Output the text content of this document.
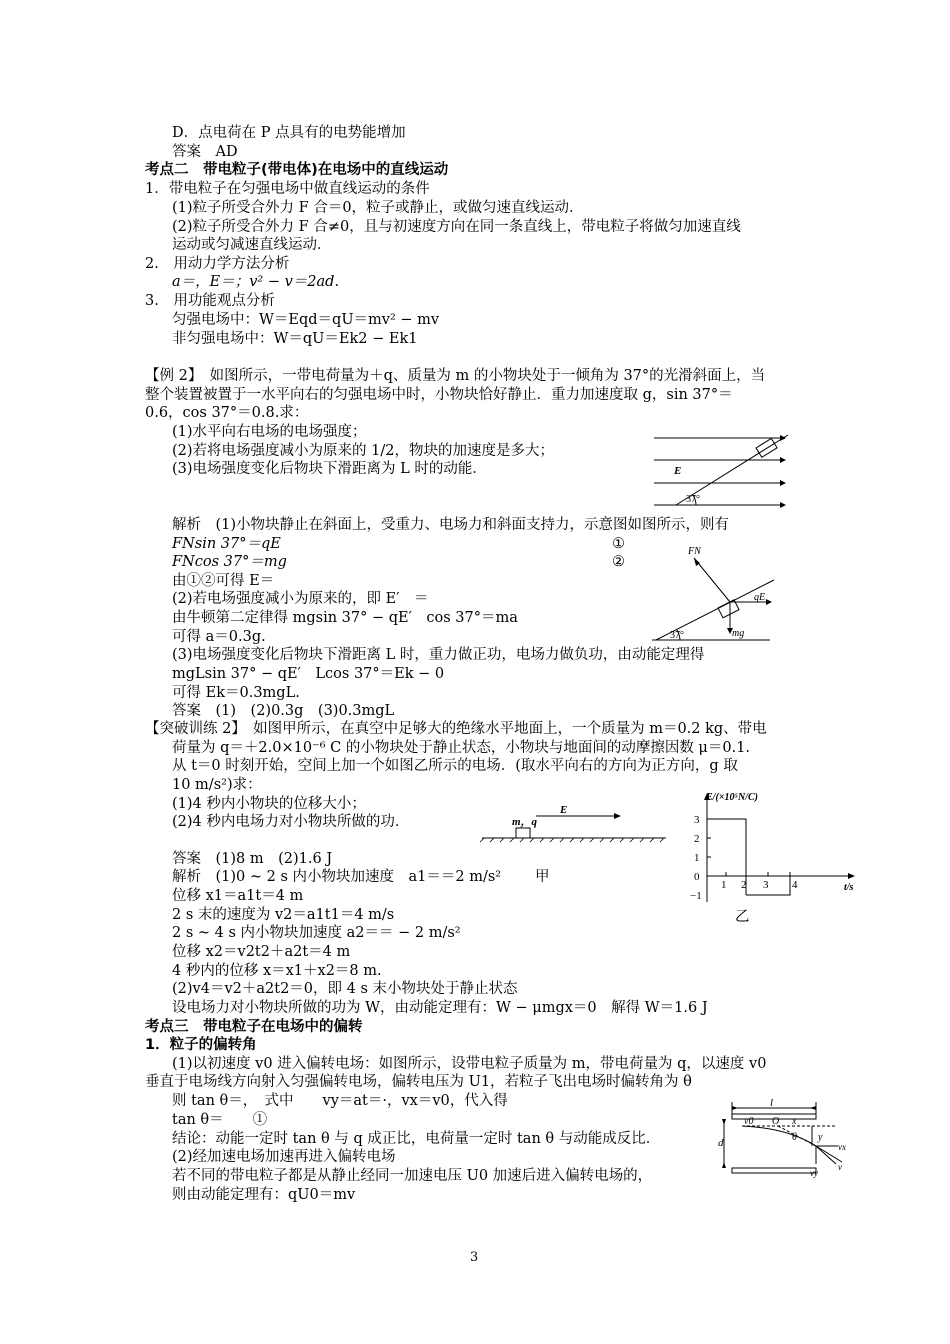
D．点电荷在 P 点具有的电势能增加
答案　AD
考点二　带电粒子(带电体)在电场中的直线运动
1．带电粒子在匀强电场中做直线运动的条件
(1)粒子所受合外力 F 合＝0，粒子或静止，或做匀速直线运动．
(2)粒子所受合外力 F 合≠0，且与初速度方向在同一条直线上，带电粒子将做匀加速直线
运动或匀减速直线运动．
2.　用动力学方法分析
a＝，E＝；v² − v＝2ad.
3.　用功能观点分析
匀强电场中：W＝Eqd＝qU＝mv² − mv
非匀强电场中：W＝qU＝Ek2 − Ek1
【例 2】　如图所示，一带电荷量为＋q、质量为 m 的小物块处于一倾角为 37°的光滑斜面上，当
整个装置被置于一水平向右的匀强电场中时，小物块恰好静止．重力加速度取 g，sin 37°＝
0.6，cos 37°＝0.8.求：
(1)水平向右电场的电场强度；
(2)若将电场强度减小为原来的 1/2，物块的加速度是多大；
(3)电场强度变化后物块下滑距离为 L 时的动能．	E
37°
解析　(1)小物块静止在斜面上，受重力、电场力和斜面支持力，示意图如图所示，则有
FNsin 37°＝qE	①
FNcos 37°＝mg	②
由①②可得 E＝
(2)若电场强度减小为原来的，即 E′　＝
由牛顿第二定律得 mgsin 37° − qE′　cos 37°＝ma
可得 a＝0.3g.
(3)电场强度变化后物块下滑距离 L 时，重力做正功，电场力做负功，由动能定理得
mgLsin 37° − qE′　Lcos 37°＝Ek − 0
可得 Ek＝0.3mgL.
答案　(1)　(2)0.3g　(3)0.3mgL
FN
qE
mg
37°
【突破训练 2】　如图甲所示，在真空中足够大的绝缘水平地面上，一个质量为 m＝0.2 kg、带电
荷量为 q＝＋2.0×10⁻⁶ C 的小物块处于静止状态，小物块与地面间的动摩擦因数 μ＝0.1.
从 t＝0 时刻开始，空间上加一个如图乙所示的电场．(取水平向右的方向为正方向，g 取
10 m/s²)求：
(1)4 秒内小物块的位移大小；
(2)4 秒内电场力对小物块所做的功．	m，q
E
E/(×10⁵N/C)
t/s
3
2
1
0
−1
1 2 3 4
乙
答案　(1)8 m　(2)1.6 J
解析　(1)0 ~ 2 s 内小物块加速度　a1＝＝2 m/s² 甲
位移 x1＝a1t＝4 m
2 s 末的速度为 v2＝a1t1＝4 m/s
2 s ~ 4 s 内小物块加速度 a2＝＝ − 2 m/s²
位移 x2＝v2t2＋a2t＝4 m
4 秒内的位移 x＝x1＋x2＝8 m.
(2)v4＝v2＋a2t2＝0，即 4 s 末小物块处于静止状态
设电场力对小物块所做的功为 W，由动能定理有：W − μmgx＝0　解得 W＝1.6 J
考点三　带电粒子在电场中的偏转
1．粒子的偏转角
(1)以初速度 v0 进入偏转电场：如图所示，设带电粒子质量为 m，带电荷量为 q，以速度 v0
垂直于电场线方向射入匀强偏转电场，偏转电压为 U1，若粒子飞出电场时偏转角为 θ
则 tan θ＝，　式中　　vy＝at＝·，vx＝v0，代入得
tan θ＝　　①
结论：动能一定时 tan θ 与 q 成正比，电荷量一定时 tan θ 与动能成反比．
(2)经加速电场加速再进入偏转电场
若不同的带电粒子都是从静止经同一加速电压 U0 加速后进入偏转电场的，
则由动能定理有：qU0＝mv
l
d
v0 O x
θ y
vx
vy
v
3
